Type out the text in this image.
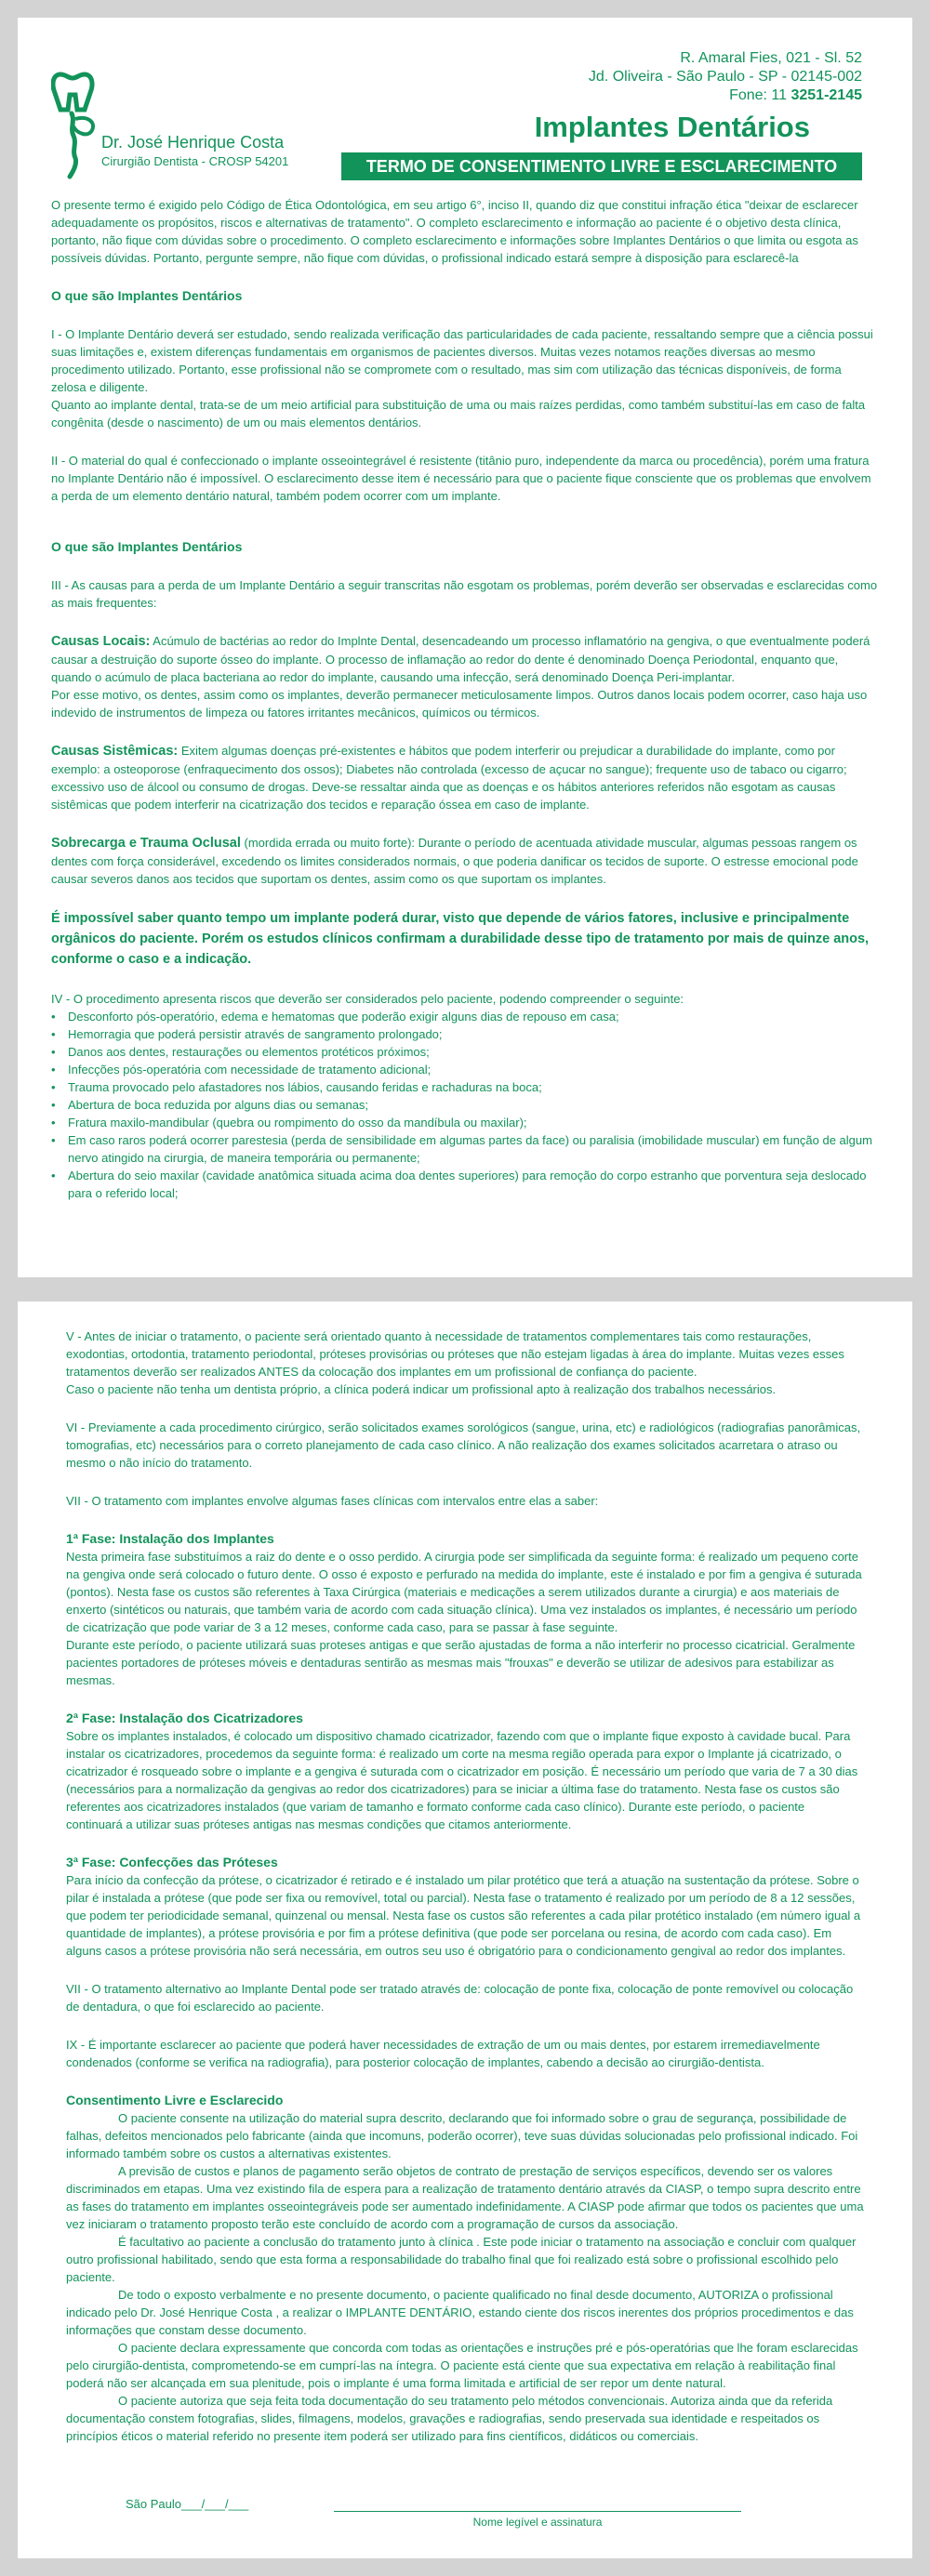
Dr. José Henrique Costa
Cirurgião Dentista - CROSP 54201
R. Amaral Fies, 021 - Sl. 52
Jd. Oliveira - São Paulo - SP - 02145-002
Fone: 11 3251-2145
Implantes Dentários
TERMO DE CONSENTIMENTO LIVRE E ESCLARECIMENTO

O presente termo é exigido pelo Código de Ética Odontológica, em seu artigo 6°, inciso II, quando diz que constitui infração ética "deixar de esclarecer adequadamente os propósitos, riscos e alternativas de tratamento". O completo esclarecimento e informação ao paciente é o objetivo desta clínica, portanto, não fique com dúvidas sobre o procedimento. O completo esclarecimento e informações sobre Implantes Dentários o que limita ou esgota as possíveis dúvidas. Portanto, pergunte sempre, não fique com dúvidas, o profissional indicado estará sempre à disposição para esclarecê-la

O que são Implantes Dentários

I - O Implante Dentário deverá ser estudado, sendo realizada verificação das particularidades de cada paciente, ressaltando sempre que a ciência possui suas limitações e, existem diferenças fundamentais em organismos de pacientes diversos. Muitas vezes notamos reações diversas ao mesmo procedimento utilizado. Portanto, esse profissional não se compromete com o resultado, mas sim com utilização das técnicas disponíveis, de forma zelosa e diligente.

Quanto ao implante dental, trata-se de um meio artificial para substituição de uma ou mais raízes perdidas, como também substituí-las em caso de falta congênita (desde o nascimento) de um ou mais elementos dentários.

II - O material do qual é confeccionado o implante osseointegrável é resistente (titânio puro, independente da marca ou procedência), porém uma fratura no Implante Dentário não é impossível. O esclarecimento desse item é necessário para que o paciente fique consciente que os problemas que envolvem a perda de um elemento dentário natural, também podem ocorrer com um implante.

O que são Implantes Dentários

III - As causas para a perda de um Implante Dentário a seguir transcritas não esgotam os problemas, porém deverão ser observadas e esclarecidas como as mais frequentes:

Causas Locais: Acúmulo de bactérias ao redor do Implnte Dental, desencadeando um processo inflamatório na gengiva, o que eventualmente poderá causar a destruição do suporte ósseo do implante. O processo de inflamação ao redor do dente é denominado Doença Periodontal, enquanto que, quando o acúmulo de placa bacteriana ao redor do implante, causando uma infecção, será denominado Doença Peri-implantar.

Por esse motivo, os dentes, assim como os implantes, deverão permanecer meticulosamente limpos. Outros danos locais podem ocorrer, caso haja uso indevido de instrumentos de limpeza ou fatores irritantes mecânicos, químicos ou térmicos.

Causas Sistêmicas: Exitem algumas doenças pré-existentes e hábitos que podem interferir ou prejudicar a durabilidade do implante, como por exemplo: a osteoporose (enfraquecimento dos ossos); Diabetes não controlada (excesso de açucar no sangue); frequente uso de tabaco ou cigarro; excessivo uso de álcool ou consumo de drogas. Deve-se ressaltar ainda que as doenças e os hábitos anteriores referidos não esgotam as causas sistêmicas que podem interferir na cicatrização dos tecidos e reparação óssea em caso de implante.

Sobrecarga e Trauma Oclusal (mordida errada ou muito forte): Durante o período de acentuada atividade muscular, algumas pessoas rangem os dentes com força considerável, excedendo os limites considerados normais, o que poderia danificar os tecidos de suporte. O estresse emocional pode causar severos danos aos tecidos que suportam os dentes, assim como os que suportam os implantes.

É impossível saber quanto tempo um implante poderá durar, visto que depende de vários fatores, inclusive e principalmente orgânicos do paciente. Porém os estudos clínicos confirmam a durabilidade desse tipo de tratamento por mais de quinze anos, conforme o caso e a indicação.

IV - O procedimento apresenta riscos que deverão ser considerados pelo paciente, podendo compreender o seguinte:

• Desconforto pós-operatório, edema e hematomas que poderão exigir alguns dias de repouso em casa;
• Hemorragia que poderá persistir através de sangramento prolongado;
• Danos aos dentes, restaurações ou elementos protéticos próximos;
• Infecções pós-operatória com necessidade de tratamento adicional;
• Trauma provocado pelo afastadores nos lábios, causando feridas e rachaduras na boca;
• Abertura de boca reduzida por alguns dias ou semanas;
• Fratura maxilo-mandibular (quebra ou rompimento do osso da mandíbula ou maxilar);
• Em caso raros poderá ocorrer parestesia (perda de sensibilidade em algumas partes da face) ou paralisia (imobilidade muscular) em função de algum nervo atingido na cirurgia, de maneira temporária ou permanente;
• Abertura do seio maxilar (cavidade anatômica situada acima doa dentes superiores) para remoção do corpo estranho que porventura seja deslocado para o referido local;

V - Antes de iniciar o tratamento, o paciente será orientado quanto à necessidade de tratamentos complementares tais como restaurações, exodontias, ortodontia, tratamento periodontal, próteses provisórias ou próteses que não estejam ligadas à área do implante. Muitas vezes esses tratamentos deverão ser realizados ANTES da colocação dos implantes em um profissional de confiança do paciente.

Caso o paciente não tenha um dentista próprio, a clínica poderá indicar um profissional apto à realização dos trabalhos necessários.

VI - Previamente a cada procedimento cirúrgico, serão solicitados exames sorológicos (sangue, urina, etc) e radiológicos (radiografias panorâmicas, tomografias, etc) necessários para o correto planejamento de cada caso clínico. A não realização dos exames solicitados acarretara o atraso ou mesmo o não início do tratamento.

VII - O tratamento com implantes envolve algumas fases clínicas com intervalos entre elas a saber:

1ª Fase: Instalação dos Implantes

Nesta primeira fase substituímos a raiz do dente e o osso perdido. A cirurgia pode ser simplificada da seguinte forma: é realizado um pequeno corte na gengiva onde será colocado o futuro dente. O osso é exposto e perfurado na medida do implante, este é instalado e por fim a gengiva é suturada (pontos). Nesta fase os custos são referentes à Taxa Cirúrgica (materiais e medicações a serem utilizados durante a cirurgia) e aos materiais de enxerto (sintéticos ou naturais, que também varia de acordo com cada situação clínica). Uma vez instalados os implantes, é necessário um período de cicatrização que pode variar de 3 a 12 meses, conforme cada caso, para se passar à fase seguinte.

Durante este período, o paciente utilizará suas proteses antigas e que serão ajustadas de forma a não interferir no processo cicatricial. Geralmente pacientes portadores de próteses móveis e dentaduras sentirão as mesmas mais "frouxas" e deverão se utilizar de adesivos para estabilizar as mesmas.

2ª Fase: Instalação dos Cicatrizadores

Sobre os implantes instalados, é colocado um dispositivo chamado cicatrizador, fazendo com que o implante fique exposto à cavidade bucal. Para instalar os cicatrizadores, procedemos da seguinte forma: é realizado um corte na mesma região operada para expor o Implante já cicatrizado, o cicatrizador é rosqueado sobre o implante e a gengiva é suturada com o cicatrizador em posição. É necessário um período que varia de 7 a 30 dias (necessários para a normalização da gengivas ao redor dos cicatrizadores) para se iniciar a última fase do tratamento. Nesta fase os custos são referentes aos cicatrizadores instalados (que variam de tamanho e formato conforme cada caso clínico). Durante este período, o paciente continuará a utilizar suas próteses antigas nas mesmas condições que citamos anteriormente.

3ª Fase: Confecções das Próteses

Para início da confecção da prótese, o cicatrizador é retirado e é instalado um pilar protético que terá a atuação na sustentação da prótese. Sobre o pilar é instalada a prótese (que pode ser fixa ou removível, total ou parcial). Nesta fase o tratamento é realizado por um período de 8 a 12 sessões, que podem ter periodicidade semanal, quinzenal ou mensal. Nesta fase os custos são referentes a cada pilar protético instalado (em número igual a quantidade de implantes), a prótese provisória e por fim a prótese definitiva (que pode ser porcelana ou resina, de acordo com cada caso). Em alguns casos a prótese provisória não será necessária, em outros seu uso é obrigatório para o condicionamento gengival ao redor dos implantes.

VII - O tratamento alternativo ao Implante Dental pode ser tratado através de: colocação de ponte fixa, colocação de ponte removível ou colocação de dentadura, o que foi esclarecido ao paciente.

IX - É importante esclarecer ao paciente que poderá haver necessidades de extração de um ou mais dentes, por estarem irremediavelmente condenados (conforme se verifica na radiografia), para posterior colocação de implantes, cabendo a decisão ao cirurgião-dentista.

Consentimento Livre e Esclarecido

O paciente consente na utilização do material supra descrito, declarando que foi informado sobre o grau de segurança, possibilidade de falhas, defeitos mencionados pelo fabricante (ainda que incomuns, poderão ocorrer), teve suas dúvidas solucionadas pelo profissional indicado. Foi informado também sobre os custos a alternativas existentes.

A previsão de custos e planos de pagamento serão objetos de contrato de prestação de serviços específicos, devendo ser os valores discriminados em etapas. Uma vez existindo fila de espera para a realização de tratamento dentário através da CIASP, o tempo supra descrito entre as fases do tratamento em implantes osseointegráveis pode ser aumentado indefinidamente. A CIASP pode afirmar que todos os pacientes que uma vez iniciaram o tratamento proposto terão este concluído de acordo com a programação de cursos da associação.

É facultativo ao paciente a conclusão do tratamento junto à clínica . Este pode iniciar o tratamento na associação e concluir com qualquer outro profissional habilitado, sendo que esta forma a responsabilidade do trabalho final que foi realizado está sobre o profissional escolhido pelo paciente.

De todo o exposto verbalmente e no presente documento, o paciente qualificado no final desde documento, AUTORIZA o profissional indicado pelo Dr. José Henrique Costa , a realizar o IMPLANTE DENTÁRIO, estando ciente dos riscos inerentes dos próprios procedimentos e das informações que constam desse documento.

O paciente declara expressamente que concorda com todas as orientações e instruções pré e pós-operatórias que lhe foram esclarecidas pelo cirurgião-dentista, comprometendo-se em cumprí-las na íntegra. O paciente está ciente que sua expectativa em relação à reabilitação final poderá não ser alcançada em sua plenitude, pois o implante é uma forma limitada e artificial de ser repor um dente natural.

O paciente autoriza que seja feita toda documentação do seu tratamento pelo métodos convencionais. Autoriza ainda que da referida documentação constem fotografias, slides, filmagens, modelos, gravações e radiografias, sendo preservada sua identidade e respeitados os princípios éticos o material referido no presente item poderá ser utilizado para fins científicos, didáticos ou comerciais.

São Paulo___/___/___
Nome legível e assinatura
